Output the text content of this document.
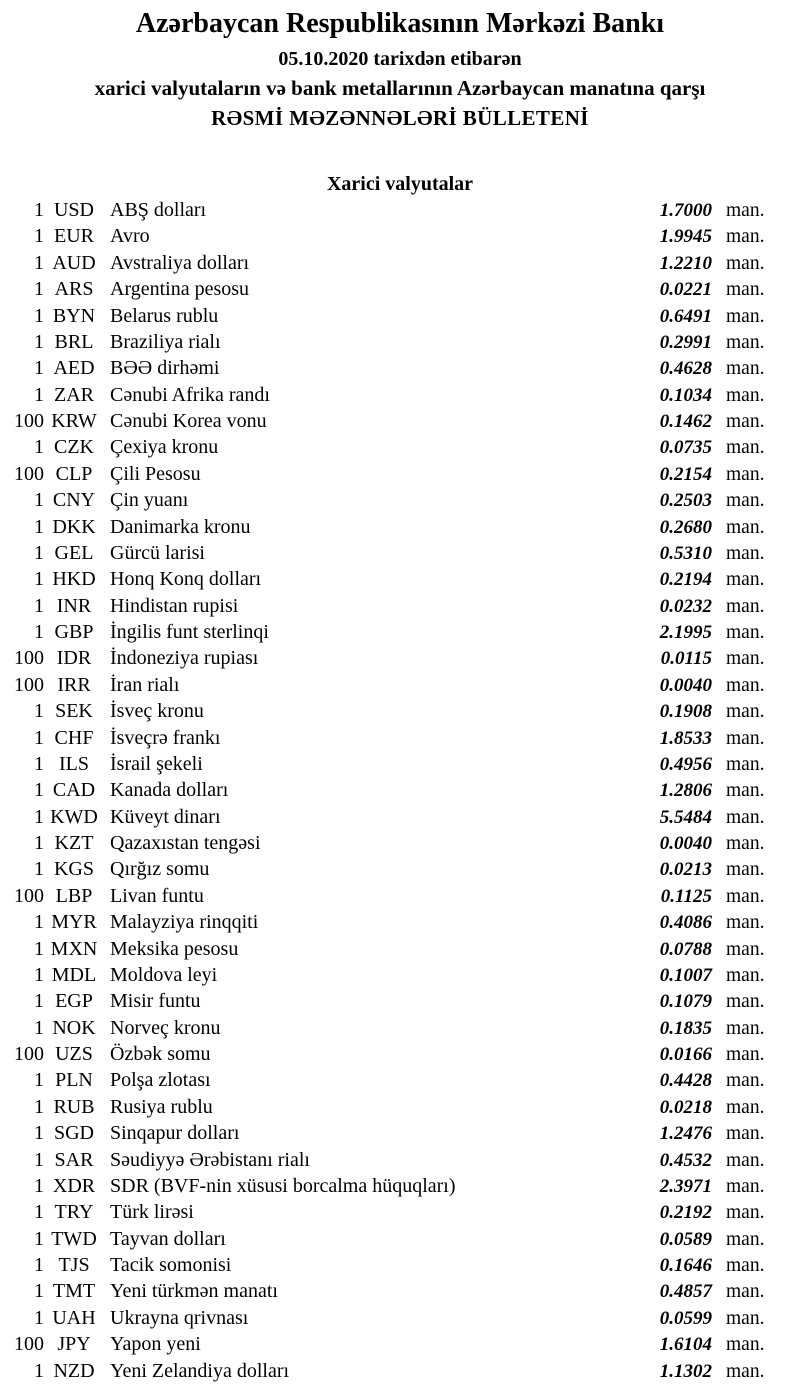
Azərbaycan Respublikasının Mərkəzi Bankı
05.10.2020 tarixdən etibarən
xarici valyutaların və bank metallarının Azərbaycan manatına qarşı
RƏSMİ MƏZƏNNƏLƏRİ BÜLLETENİ
Xarici valyutalar
1 USD ABŞ dolları	1.7000 man.
1 EUR Avro	1.9945 man.
1 AUD Avstraliya dolları	1.2210 man.
1 ARS Argentina pesosu	0.0221 man.
1 BYN Belarus rublu	0.6491 man.
1 BRL Braziliya rialı	0.2991 man.
1 AED BƏƏ dirhəmi	0.4628 man.
1 ZAR Cənubi Afrika randı	0.1034 man.
100 KRW Cənubi Korea vonu	0.1462 man.
1 CZK Çexiya kronu	0.0735 man.
100 CLP Çili Pesosu	0.2154 man.
1 CNY Çin yuanı	0.2503 man.
1 DKK Danimarka kronu	0.2680 man.
1 GEL Gürcü larisi	0.5310 man.
1 HKD Honq Konq dolları	0.2194 man.
1 INR Hindistan rupisi	0.0232 man.
1 GBP İngilis funt sterlinqi	2.1995 man.
100 IDR İndoneziya rupiası	0.0115 man.
100 IRR İran rialı	0.0040 man.
1 SEK İsveç kronu	0.1908 man.
1 CHF İsveçrə frankı	1.8533 man.
1 ILS	İsrail şekeli	0.4956 man.
1 CAD Kanada dolları	1.2806 man.
1 KWD Küveyt dinarı	5.5484 man.
1 KZT Qazaxıstan tengəsi	0.0040 man.
1 KGS Qırğız somu	0.0213 man.
100 LBP Livan funtu	0.1125 man.
1 MYR Malayziya rinqqiti	0.4086 man.
1 MXN Meksika pesosu	0.0788 man.
1 MDL Moldova leyi	0.1007 man.
1 EGP Misir funtu	0.1079 man.
1 NOK Norveç kronu	0.1835 man.
100 UZS Özbək somu	0.0166 man.
1 PLN Polşa zlotası	0.4428 man.
1 RUB Rusiya rublu	0.0218 man.
1 SGD Sinqapur dolları	1.2476 man.
1 SAR Səudiyyə Ərəbistanı rialı	0.4532 man.
1 XDR SDR (BVF-nin xüsusi borcalma hüquqları)	2.3971 man.
1 TRY Türk lirəsi	0.2192 man.
1 TWD Tayvan dolları	0.0589 man.
1 TJS	Tacik somonisi	0.1646 man.
1 TMT Yeni türkmən manatı	0.4857 man.
1 UAH Ukrayna qrivnası	0.0599 man.
100 JPY Yapon yeni	1.6104 man.
1 NZD Yeni Zelandiya dolları	1.1302 man.
